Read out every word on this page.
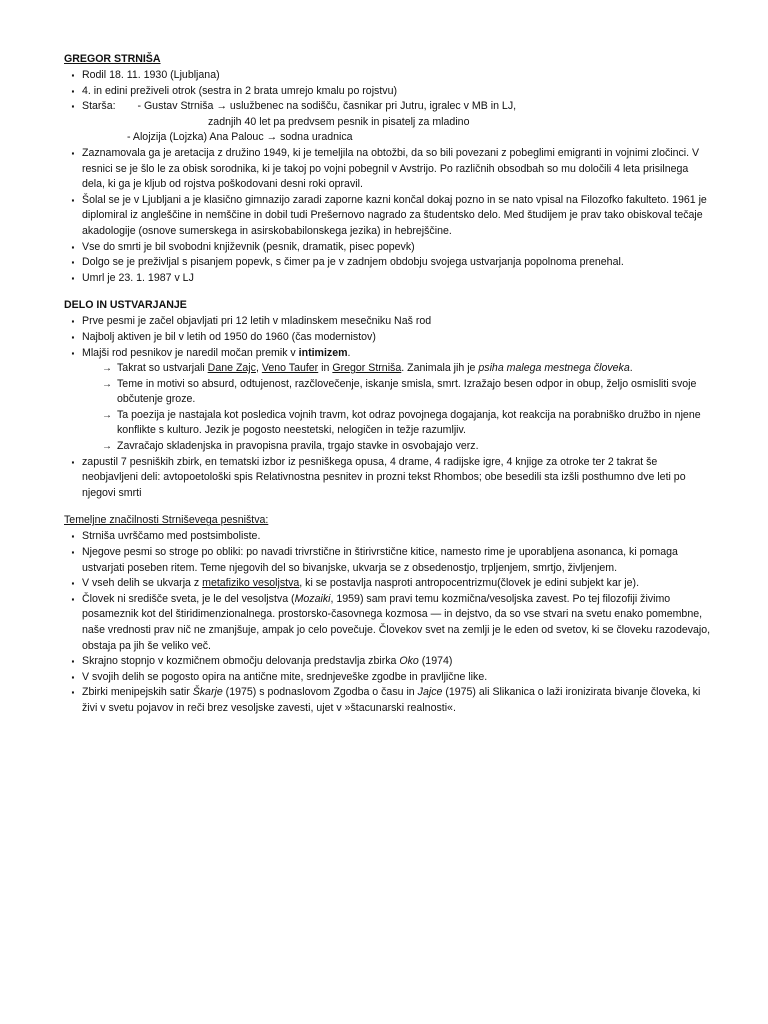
GREGOR STRNIŠA

· Rodil 18. 11. 1930 (Ljubljana)
· 4. in edini preživeli otrok (sestra in 2 brata umrejo kmalu po rojstvu)
· Starša: - Gustav Strniša → uslužbenec na sodišču, časnikar pri Jutru, igralec v MB in LJ,
zadnjih 40 let pa predvsem pesnik in pisatelj za mladino
- Alojzija (Lojzka) Ana Palouc → sodna uradnica
· Zaznamovala ga je aretacija z družino 1949, ki je temeljila na obtožbi, da so bili povezani z pobeglimi emigranti in vojnimi zločinci. V resnici se je šlo le za obisk sorodnika, ki je takoj po vojni pobegnil v Avstrijo. Po različnih obsodbah so mu določili 4 leta prisilnega dela, ki ga je kljub od rojstva poškodovani desni roki opravil.
· Šolal se je v Ljubljani a je klasično gimnazijo zaradi zaporne kazni končal dokaj pozno in se nato vpisal na Filozofko fakulteto. 1961 je diplomiral iz angleščine in nemščine in dobil tudi Prešernovo nagrado za študentsko delo. Med študijem je prav tako obiskoval tečaje akadologije (osnove sumerskega in asirskobabilonskega jezika) in hebrejščine.
· Vse do smrti je bil svobodni književnik (pesnik, dramatik, pisec popevk)
· Dolgo se je preživljal s pisanjem popevk, s čimer pa je v zadnjem obdobju svojega ustvarjanja popolnoma prenehal.
· Umrl je 23. 1. 1987 v LJ

DELO IN USTVARJANJE

· Prve pesmi je začel objavljati pri 12 letih v mladinskem mesečniku Naš rod
· Najbolj aktiven je bil v letih od 1950 do 1960 (čas modernistov)
· Mlajši rod pesnikov je naredil močan premik v intimizem.
→ Takrat so ustvarjali Dane Zajc, Veno Taufer in Gregor Strniša. Zanimala jih je psiha malega mestnega človeka.
→ Teme in motivi so absurd, odtujenost, razčlovečenje, iskanje smisla, smrt. Izražajo besen odpor in obup, željo osmisliti svoje občutenje groze.
→ Ta poezija je nastajala kot posledica vojnih travm, kot odraz povojnega dogajanja, kot reakcija na porabniško družbo in njene konflikte s kulturo. Jezik je pogosto neestetski, nelogičen in težje razumljiv.
→ Zavračajo skladenjska in pravopisna pravila, trgajo stavke in osvobajajo verz.
· zapustil 7 pesniških zbirk, en tematski izbor iz pesniškega opusa, 4 drame, 4 radijske igre, 4 knjige za otroke ter 2 takrat še neobjavljeni deli: avtopoetološki spis Relativnostna pesnitev in prozni tekst Rhombos; obe besedili sta izšli posthumno dve leti po njegovi smrti

Temeljne značilnosti Strniševega pesništva:

· Strniša uvrščamo med postsimboliste.
· Njegove pesmi so stroge po obliki: po navadi trivrstične in štirivrstične kitice, namesto rime je uporabljena asonanca, ki pomaga ustvarjati poseben ritem. Teme njegovih del so bivanjske, ukvarja se z obsedenostjo, trpljenjem, smrtjo, življenjem.
· V vseh delih se ukvarja z metafiziko vesoljstva, ki se postavlja nasproti antropocentrizmu(človek je edini subjekt kar je).
· Človek ni središče sveta, je le del vesoljstva (Mozaiki, 1959) sam pravi temu kozmična/vesoljska zavest. Po tej filozofiji živimo posameznik kot del štiridimenzionalnega. prostorsko-časovnega kozmosa — in dejstvo, da so vse stvari na svetu enako pomembne, naše vrednosti prav nič ne zmanjšuje, ampak jo celo povečuje. Človekov svet na zemlji je le eden od svetov, ki se človeku razodevajo, obstaja pa jih še veliko več.
· Skrajno stopnjo v kozmičnem območju delovanja predstavlja zbirka Oko (1974)
· V svojih delih se pogosto opira na antične mite, srednjeveške zgodbe in pravljične like.
· Zbirki menipejskih satir Škarje (1975) s podnaslovom Zgodba o času in Jajce (1975) ali Slikanica o laži ironizirata bivanje človeka, ki živi v svetu pojavov in reči brez vesoljske zavesti, ujet v »štacunarski realnosti«.
